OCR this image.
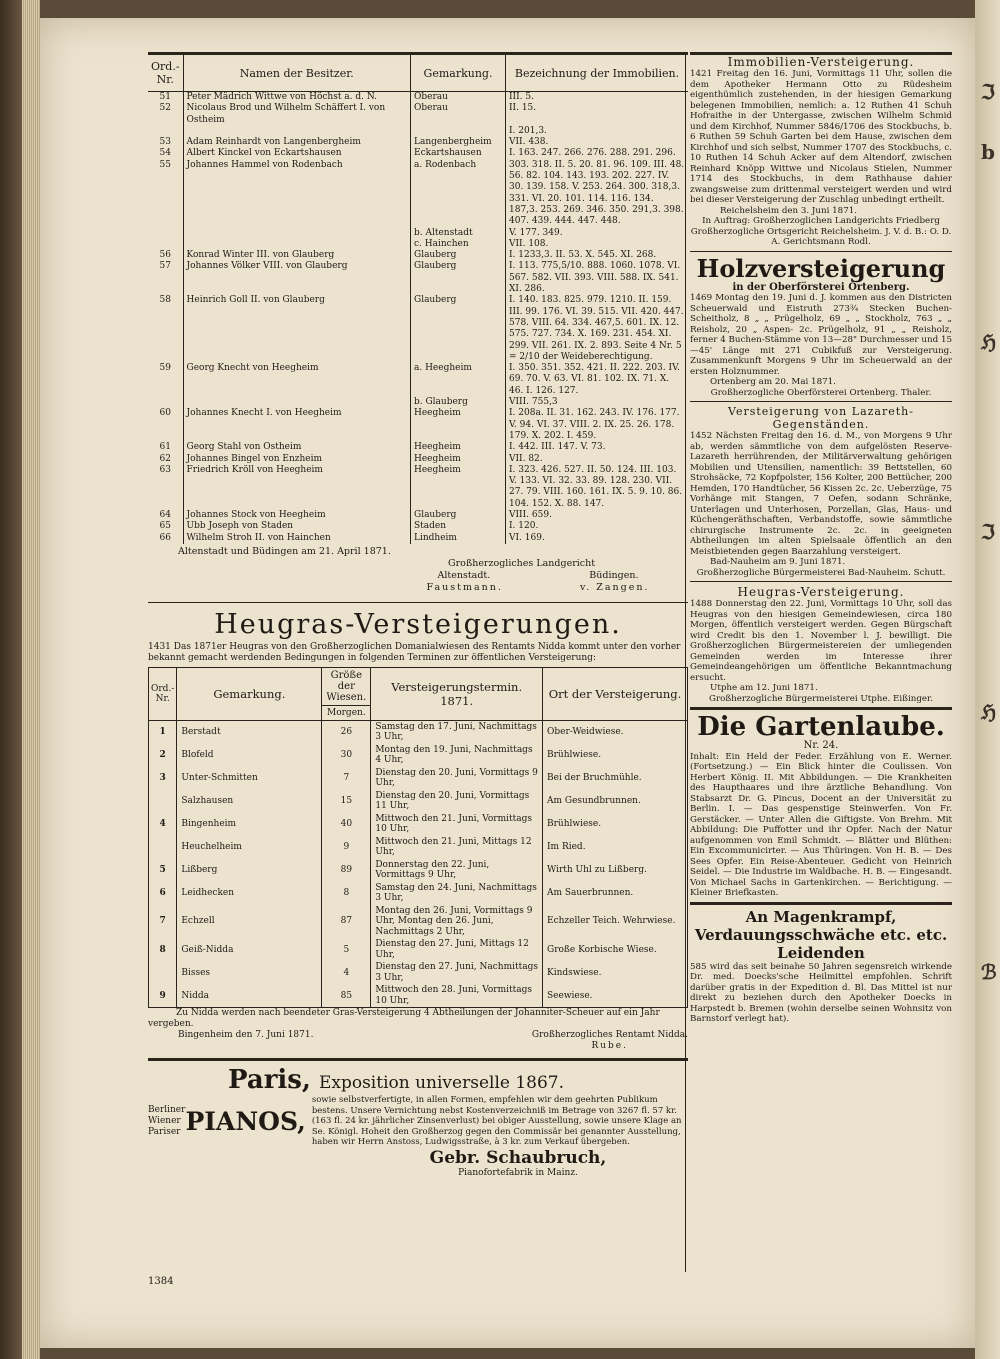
Ord.-Nr.	Namen der Besitzer.	Gemarkung.	Bezeichnung der Immobilien.
51	Peter Mädrich Wittwe von Höchst a. d. N.	Oberau	III. 5.
52	Nicolaus Brod und Wilhelm Schäffert I. von Ostheim	Oberau	II. 15.
			I. 201,3.
53	Adam Reinhardt von Langenbergheim	Langenbergheim	VII. 438.
54	Albert Kinckel von Eckartshausen	Eckartshausen	I. 163. 247. 266. 276. 288. 291. 296.
55	Johannes Hammel von Rodenbach	a. Rodenbach	303. 318. II. 5. 20. 81. 96. 109. III. 48. 56. 82. 104. 143. 193. 202. 227. IV. 30. 139. 158. V. 253. 264. 300. 318,3. 331. VI. 20. 101. 114. 116. 134. 187,3. 253. 269. 346. 350. 291,3. 398. 407. 439. 444. 447. 448.
		b. Altenstadt	V. 177. 349.
		c. Hainchen	VII. 108.
56	Konrad Winter III. von Glauberg	Glauberg	I. 1233,3. II. 53. X. 545. XI. 268.
57	Johannes Völker VIII. von Glauberg	Glauberg	I. 113. 775,5/10. 888. 1060. 1078. VI. 567. 582. VII. 393. VIII. 588. IX. 541. XI. 286.
58	Heinrich Goll II. von Glauberg	Glauberg	I. 140. 183. 825. 979. 1210. II. 159. III. 99. 176. VI. 39. 515. VII. 420. 447. 578. VIII. 64. 334. 467,5. 601. IX. 12. 575. 727. 734. X. 169. 231. 454. XI. 299. VII. 261. IX. 2. 893. Seite 4 Nr. 5 = 2/10 der Weideberechtigung.
59	Georg Knecht von Heegheim	a. Heegheim	I. 350. 351. 352. 421. II. 222. 203. IV. 69. 70. V. 63. VI. 81. 102. IX. 71. X. 46. I. 126. 127.
		b. Glauberg	VIII. 755,3
60	Johannes Knecht I. von Heegheim	Heegheim	I. 208a. II. 31. 162. 243. IV. 176. 177. V. 94. VI. 37. VIII. 2. IX. 25. 26. 178. 179. X. 202. I. 459.
61	Georg Stahl von Ostheim	Heegheim	I. 442. III. 147. V. 73.
62	Johannes Bingel von Enzheim	Heegheim	VII. 82.
63	Friedrich Kröll von Heegheim	Heegheim	I. 323. 426. 527. II. 50. 124. III. 103. V. 133. VI. 32. 33. 89. 128. 230. VII. 27. 79. VIII. 160. 161. IX. 5. 9. 10. 86. 104. 152. X. 88. 147.
64	Johannes Stock von Heegheim	Glauberg	VIII. 659.
65	Ubb Joseph von Staden	Staden	I. 120.
66	Wilhelm Stroh II. von Hainchen	Lindheim	VI. 169.
Altenstadt und Büdingen am 21. April 1871.
Großherzogliches Landgericht
Altenstadt.	Büdingen.
Faustmann.	v. Zangen.
Heugras-Versteigerungen.
1431 Das 1871er Heugras von den Großherzoglichen Domanialwiesen des Rentamts Nidda kommt unter den vorher bekannt gemacht werdenden Bedingungen in folgenden Terminen zur öffentlichen Versteigerung:
Ord.-Nr.	Gemarkung.	Größe der Wiesen.	Versteigerungstermin. 1871.	Ort der Versteigerung.
		Morgen.		
1	Berstadt	26	Samstag den 17. Juni, Nachmittags 3 Uhr,	Ober-Weidwiese.
2	Blofeld	30	Montag den 19. Juni, Nachmittags 4 Uhr,	Brühlwiese.
3	Unter-Schmitten	7	Dienstag den 20. Juni, Vormittags 9 Uhr,	Bei der Bruchmühle.
	Salzhausen	15	Dienstag den 20. Juni, Vormittags 11 Uhr,	Am Gesundbrunnen.
4	Bingenheim	40	Mittwoch den 21. Juni, Vormittags 10 Uhr,	Brühlwiese.
	Heuchelheim	9	Mittwoch den 21. Juni, Mittags 12 Uhr,	Im Ried.
5	Lißberg	89	Donnerstag den 22. Juni, Vormittags 9 Uhr,	Wirth Uhl zu Lißberg.
6	Leidhecken	8	Samstag den 24. Juni, Nachmittags 3 Uhr,	Am Sauerbrunnen.
7	Echzell	87	Montag den 26. Juni, Vormittags 9 Uhr, Montag den 26. Juni, Nachmittags 2 Uhr,	Echzeller Teich. Wehrwiese.
8	Geiß-Nidda	5	Dienstag den 27. Juni, Mittags 12 Uhr,	Große Korbische Wiese.
	Bisses	4	Dienstag den 27. Juni, Nachmittags 3 Uhr,	Kindswiese.
9	Nidda	85	Mittwoch den 28. Juni, Vormittags 10 Uhr,	Seewiese.
Zu Nidda werden nach beendeter Gras-Versteigerung 4 Abtheilungen der Johanniter-Scheuer auf ein Jahr vergeben.
Bingenheim den 7. Juni 1871.	Großherzogliches Rentamt Nidda.
Rube.
Paris, Exposition universelle 1867.
Berliner Wiener Pariser PIANOS,
sowie selbstverfertigte, in allen Formen, empfehlen wir dem geehrten Publikum bestens. Unsere Vernichtung nebst Kostenverzeichniß im Betrage von 3267 fl. 57 kr. (163 fl. 24 kr. jährlicher Zinsenverlust) bei obiger Ausstellung, sowie unsere Klage an Se. Königl. Hoheit den Großherzog gegen den Commissär bei genannter Ausstellung, haben wir Herrn Anstoss, Ludwigsstraße, à 3 kr. zum Verkauf übergeben.
Gebr. Schaubruch,
Pianofortefabrik in Mainz.
Immobilien-Versteigerung.
1421 Freitag den 16. Juni, Vormittags 11 Uhr, sollen die dem Apotheker Hermann Otto zu Rüdesheim eigenthümlich zustehenden, in der hiesigen Gemarkung belegenen Immobilien, nemlich: a. 12 Ruthen 41 Schuh Hofraithe in der Untergasse, zwischen Wilhelm Schmid und dem Kirchhof, Nummer 5846/1706 des Stockbuchs, b. 6 Ruthen 59 Schuh Garten bei dem Hause, zwischen dem Kirchhof und sich selbst, Nummer 1707 des Stockbuchs, c. 10 Ruthen 14 Schuh Acker auf dem Altendorf, zwischen Reinhard Knöpp Wittwe und Nicolaus Stielen, Nummer 1714 des Stockbuchs, in dem Rathhause dahier zwangsweise zum drittenmal versteigert werden und wird bei dieser Versteigerung der Zuschlag unbedingt ertheilt.
Reichelsheim den 3. Juni 1871.
In Auftrag: Großherzoglichen Landgerichts Friedberg Großherzogliche Ortsgericht Reichelsheim. J. V. d. B.: O. D. A. Gerichtsmann Rodl.
Holzversteigerung
in der Oberförsterei Ortenberg.
1469 Montag den 19. Juni d. J. kommen aus den Districten Scheuerwald und Eistruth 273¾ Stecken Buchen-Scheitholz, 8 „ „ Prügelholz, 69 „ „ Stockholz, 763 „ „ Reisholz, 20 „ Aspen- 2c. Prügelholz, 91 „ „ Reisholz, ferner 4 Buchen-Stämme von 13—28" Durchmesser und 15—45' Länge mit 271 Cubikfuß zur Versteigerung. Zusammenkunft Morgens 9 Uhr im Scheuerwald an der ersten Holznummer.
Ortenberg am 20. Mai 1871.
Großherzogliche Oberförsterei Ortenberg. Thaler.
Versteigerung von Lazareth-Gegenständen.
1452 Nächsten Freitag den 16. d. M., von Morgens 9 Uhr ab, werden sämmtliche von dem aufgelösten Reserve-Lazareth herrührenden, der Militärverwaltung gehörigen Mobilien und Utensilien, namentlich: 39 Bettstellen, 60 Strohsäcke, 72 Kopfpolster, 156 Kolter, 200 Bettücher, 200 Hemden, 170 Handtücher, 56 Kissen 2c. 2c. Ueberzüge, 75 Vorhänge mit Stangen, 7 Oefen, sodann Schränke, Unterlagen und Unterhosen, Porzellan, Glas, Haus- und Küchengeräthschaften, Verbandstoffe, sowie sämmtliche chirurgische Instrumente 2c. 2c. in geeigneten Abtheilungen im alten Spielsaale öffentlich an den Meistbietenden gegen Baarzahlung versteigert.
Bad-Nauheim am 9. Juni 1871.
Großherzogliche Bürgermeisterei Bad-Nauheim. Schutt.
Heugras-Versteigerung.
1488 Donnerstag den 22. Juni, Vormittags 10 Uhr, soll das Heugras von den hiesigen Gemeindewiesen, circa 180 Morgen, öffentlich versteigert werden. Gegen Bürgschaft wird Credit bis den 1. November l. J. bewilligt. Die Großherzoglichen Bürgermeistereien der umliegenden Gemeinden werden im Interesse ihrer Gemeindeangehörigen um öffentliche Bekanntmachung ersucht.
Utphe am 12. Juni 1871.
Großherzogliche Bürgermeisterei Utphe. Eißinger.
Die Gartenlaube.
Nr. 24.
Inhalt: Ein Held der Feder. Erzählung von E. Werner. (Fortsetzung.) — Ein Blick hinter die Coulissen. Von Herbert König. II. Mit Abbildungen. — Die Krankheiten des Haupthaares und ihre ärztliche Behandlung. Von Stabsarzt Dr. G. Pincus, Docent an der Universität zu Berlin. I. — Das gespenstige Steinwerfen. Von Fr. Gerstäcker. — Unter Allen die Giftigste. Von Brehm. Mit Abbildung: Die Puffotter und ihr Opfer. Nach der Natur aufgenommen von Emil Schmidt. — Blätter und Blüthen: Ein Excommunicirter. — Aus Thüringen. Von H. B. — Des Sees Opfer. Ein Reise-Abenteuer. Gedicht von Heinrich Seidel. — Die Industrie im Waldbache. H. B. — Eingesandt. Von Michael Sachs in Gartenkirchen. — Berichtigung. — Kleiner Briefkasten.
An Magenkrampf, Verdauungsschwäche etc. etc. Leidenden
585 wird das seit beinahe 50 Jahren segensreich wirkende Dr. med. Doecks'sche Heilmittel empfohlen. Schrift darüber gratis in der Expedition d. Bl. Das Mittel ist nur direkt zu beziehen durch den Apotheker Doecks in Harpstedt b. Bremen (wohin derselbe seinen Wohnsitz von Barnstorf verlegt hat).
1384
ℑ
b
ℌ
ℑ
ℌ
ℬ
